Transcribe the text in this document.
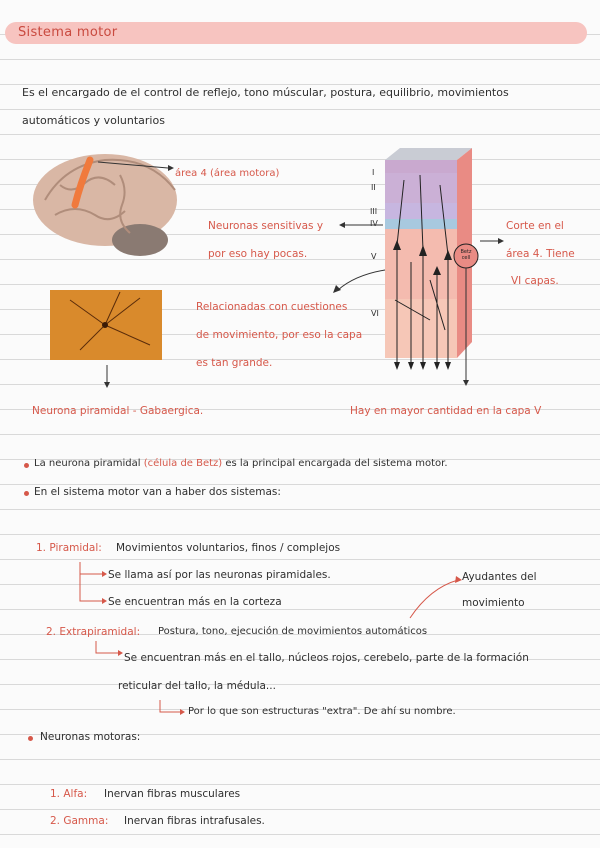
Sistema motor
Es el encargado de el control de reflejo, tono múscular, postura, equilibrio, movimientos
automáticos y voluntarios
I
II
III
IV
V
VI
Betz cell
área 4 (área motora)
Neuronas sensitivas y
por eso hay pocas.
Relacionadas con cuestiones
de movimiento, por eso la capa
es tan grande.
Corte en el
área 4. Tiene
VI capas.
Neurona piramidal - Gabaergica.	Hay en mayor cantidad en la capa V
La neurona piramidal (célula de Betz) es la principal encargada del sistema motor.
En el sistema motor van a haber dos sistemas:
1. Piramidal: Movimientos voluntarios, finos / complejos
Se llama así por las neuronas piramidales.
Se encuentran más en la corteza
Ayudantes del
movimiento
2. Extrapiramidal: Postura, tono, ejecución de movimientos automáticos
Se encuentran más en el tallo, núcleos rojos, cerebelo, parte de la formación
reticular del tallo, la médula...
Por lo que son estructuras "extra". De ahí su nombre.
Neuronas motoras:
1. Alfa: Inervan fibras musculares
2. Gamma: Inervan fibras intrafusales.
